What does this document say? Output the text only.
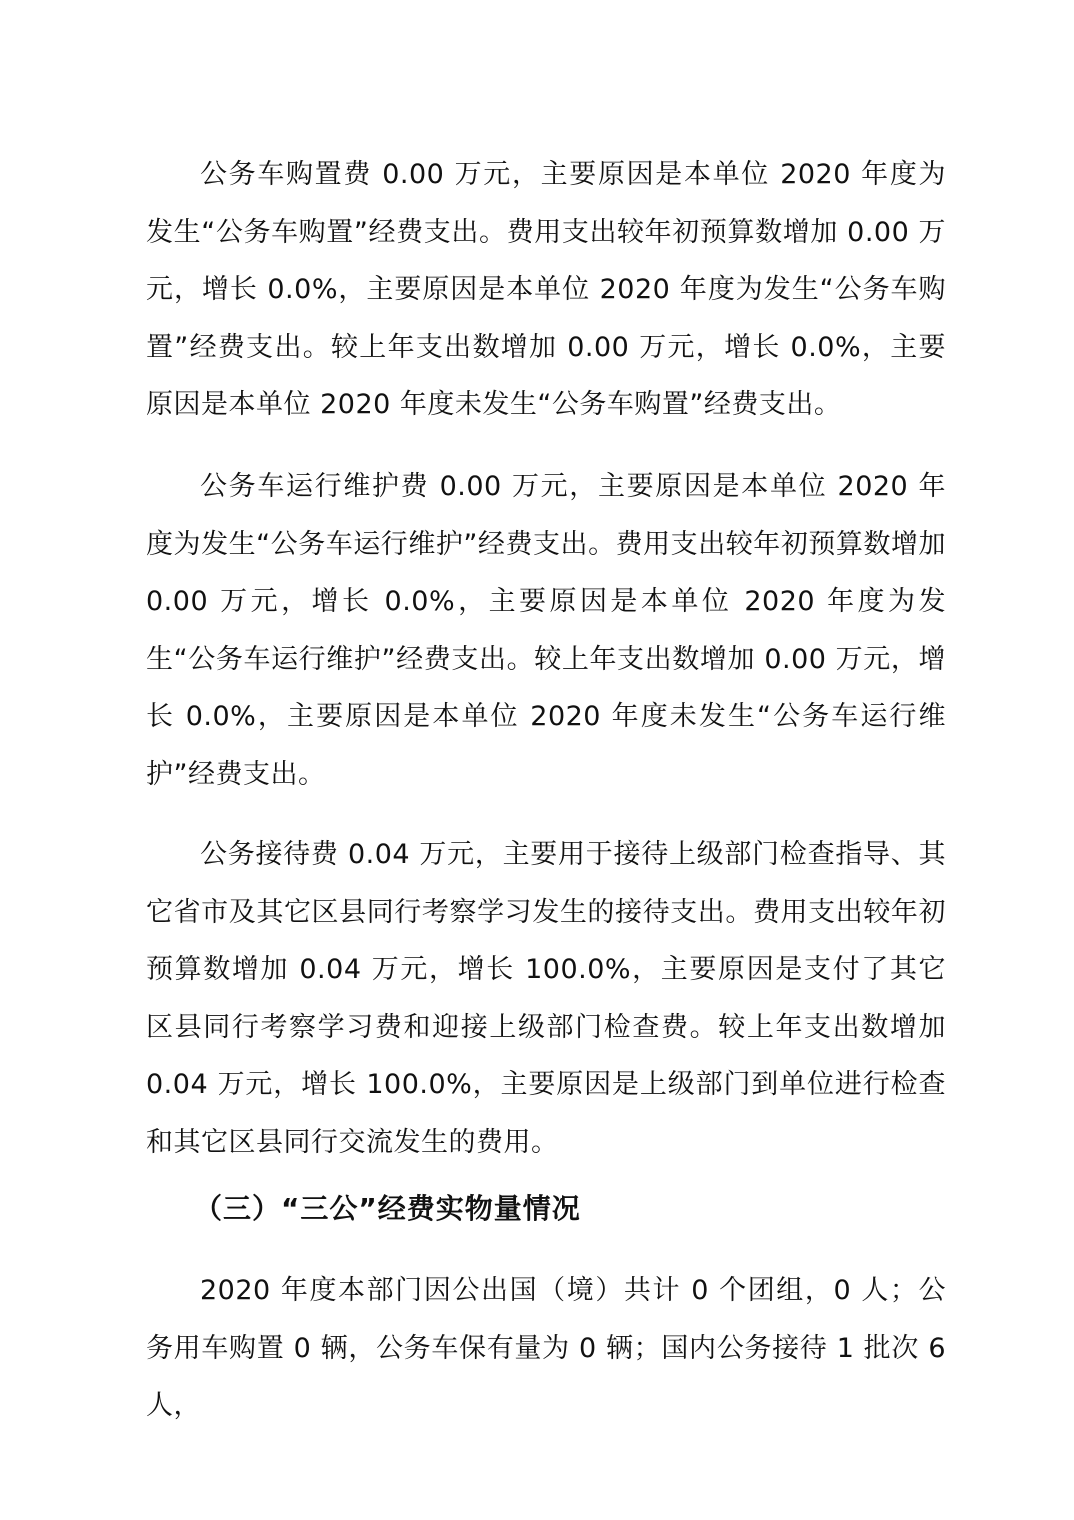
公务车购置费 0.00 万元，主要原因是本单位 2020 年度为发生“公务车购置”经费支出。费用支出较年初预算数增加 0.00 万元，增长 0.0%，主要原因是本单位 2020 年度为发生“公务车购置”经费支出。较上年支出数增加 0.00 万元，增长 0.0%，主要原因是本单位 2020 年度未发生“公务车购置”经费支出。

公务车运行维护费 0.00 万元，主要原因是本单位 2020 年度为发生“公务车运行维护”经费支出。费用支出较年初预算数增加 0.00 万元，增长 0.0%，主要原因是本单位 2020 年度为发生“公务车运行维护”经费支出。较上年支出数增加 0.00 万元，增长 0.0%，主要原因是本单位 2020 年度未发生“公务车运行维护”经费支出。

公务接待费 0.04 万元，主要用于接待上级部门检查指导、其它省市及其它区县同行考察学习发生的接待支出。费用支出较年初预算数增加 0.04 万元，增长 100.0%，主要原因是支付了其它区县同行考察学习费和迎接上级部门检查费。较上年支出数增加 0.04 万元，增长 100.0%，主要原因是上级部门到单位进行检查和其它区县同行交流发生的费用。

（三）“三公”经费实物量情况

2020 年度本部门因公出国（境）共计 0 个团组，0 人；公务用车购置 0 辆，公务车保有量为 0 辆；国内公务接待 1 批次 6 人，
